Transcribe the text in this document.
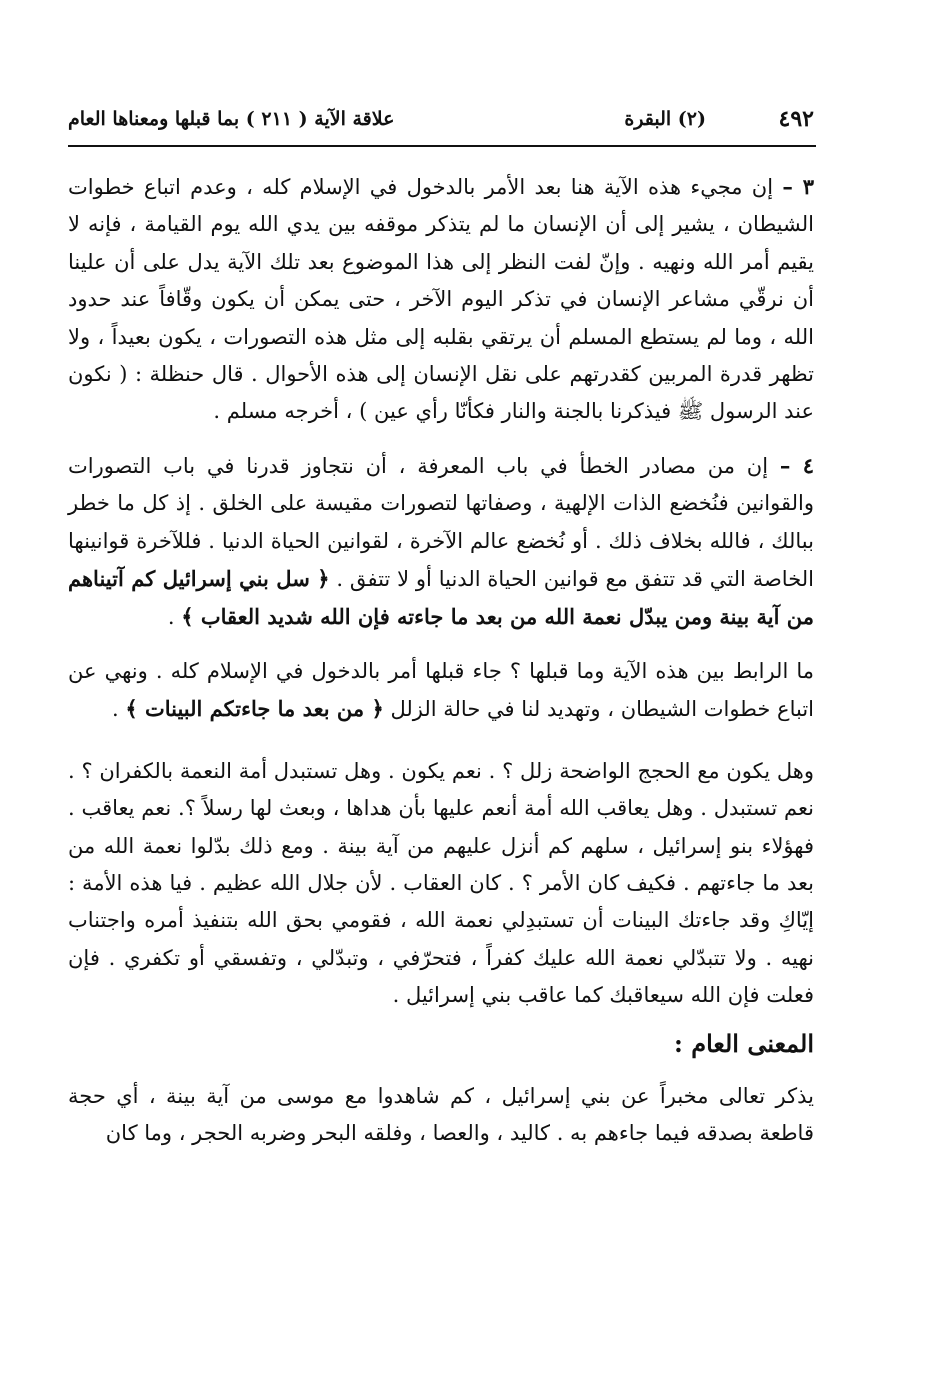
٤٩٢
(٢) البقرة
علاقة الآية ( ٢١١ ) بما قبلها ومعناها العام

٣ – إن مجيء هذه الآية هنا بعد الأمر بالدخول في الإسلام كله ، وعدم اتباع خطوات الشيطان ، يشير إلى أن الإنسان ما لم يتذكر موقفه بين يدي الله يوم القيامة ، فإنه لا يقيم أمر الله ونهيه . وإنّ لفت النظر إلى هذا الموضوع بعد تلك الآية يدل على أن علينا أن نرقّي مشاعر الإنسان في تذكر اليوم الآخر ، حتى يمكن أن يكون وقّافاً عند حدود الله ، وما لم يستطع المسلم أن يرتقي بقلبه إلى مثل هذه التصورات ، يكون بعيداً ، ولا تظهر قدرة المربين كقدرتهم على نقل الإنسان إلى هذه الأحوال . قال حنظلة : ( نكون عند الرسول ﷺ فيذكرنا بالجنة والنار فكأنّا رأي عين ) ، أخرجه مسلم .

٤ – إن من مصادر الخطأ في باب المعرفة ، أن نتجاوز قدرنا في باب التصورات والقوانين فنُخضع الذات الإلهية ، وصفاتها لتصورات مقيسة على الخلق . إذ كل ما خطر ببالك ، فالله بخلاف ذلك . أو نُخضع عالم الآخرة ، لقوانين الحياة الدنيا . فللآخرة قوانينها الخاصة التي قد تتفق مع قوانين الحياة الدنيا أو لا تتفق . ﴿ سل بني إسرائيل كم آتيناهم من آية بينة ومن يبدّل نعمة الله من بعد ما جاءته فإن الله شديد العقاب ﴾ .

ما الرابط بين هذه الآية وما قبلها ؟ جاء قبلها أمر بالدخول في الإسلام كله . ونهي عن اتباع خطوات الشيطان ، وتهديد لنا في حالة الزلل ﴿ من بعد ما جاءتكم البينات ﴾ .

وهل يكون مع الحجج الواضحة زلل ؟ . نعم يكون . وهل تستبدل أمة النعمة بالكفران ؟ . نعم تستبدل . وهل يعاقب الله أمة أنعم عليها بأن هداها ، وبعث لها رسلاً ؟. نعم يعاقب . فهؤلاء بنو إسرائيل ، سلهم كم أنزل عليهم من آية بينة . ومع ذلك بدّلوا نعمة الله من بعد ما جاءتهم . فكيف كان الأمر ؟ . كان العقاب . لأن جلال الله عظيم . فيا هذه الأمة : إيّاكِ وقد جاءتك البينات أن تستبدِلي نعمة الله ، فقومي بحق الله بتنفيذ أمره واجتناب نهيه . ولا تتبدّلي نعمة الله عليك كفراً ، فتحرّفي ، وتبدّلي ، وتفسقي أو تكفري . فإن فعلت فإن الله سيعاقبك كما عاقب بني إسرائيل .

المعنى العام :

يذكر تعالى مخبراً عن بني إسرائيل ، كم شاهدوا مع موسى من آية بينة ، أي حجة قاطعة بصدقه فيما جاءهم به . كاليد ، والعصا ، وفلقه البحر وضربه الحجر ، وما كان
